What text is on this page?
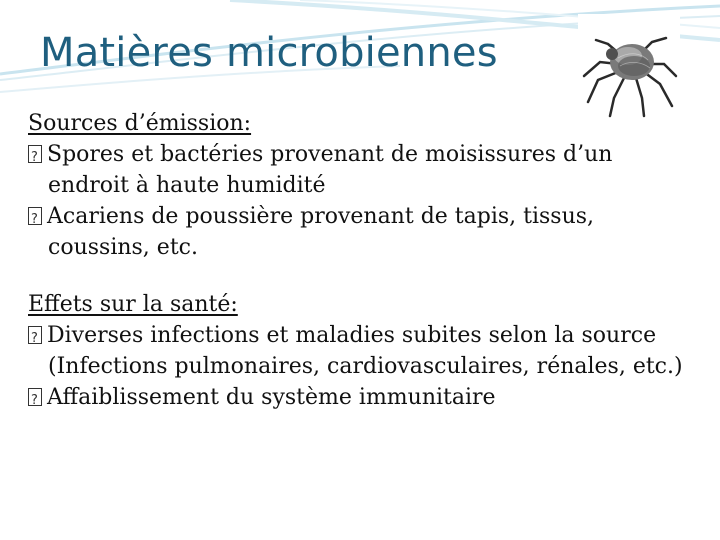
Matières microbiennes
Sources d’émission:
?Spores et bactéries provenant de moisissures d’un endroit à haute humidité
?Acariens de poussière provenant de tapis, tissus, coussins, etc.
Effets sur la santé:
?Diverses infections et maladies subites selon la source (Infections pulmonaires, cardiovasculaires, rénales, etc.)
?Affaiblissement du système immunitaire
